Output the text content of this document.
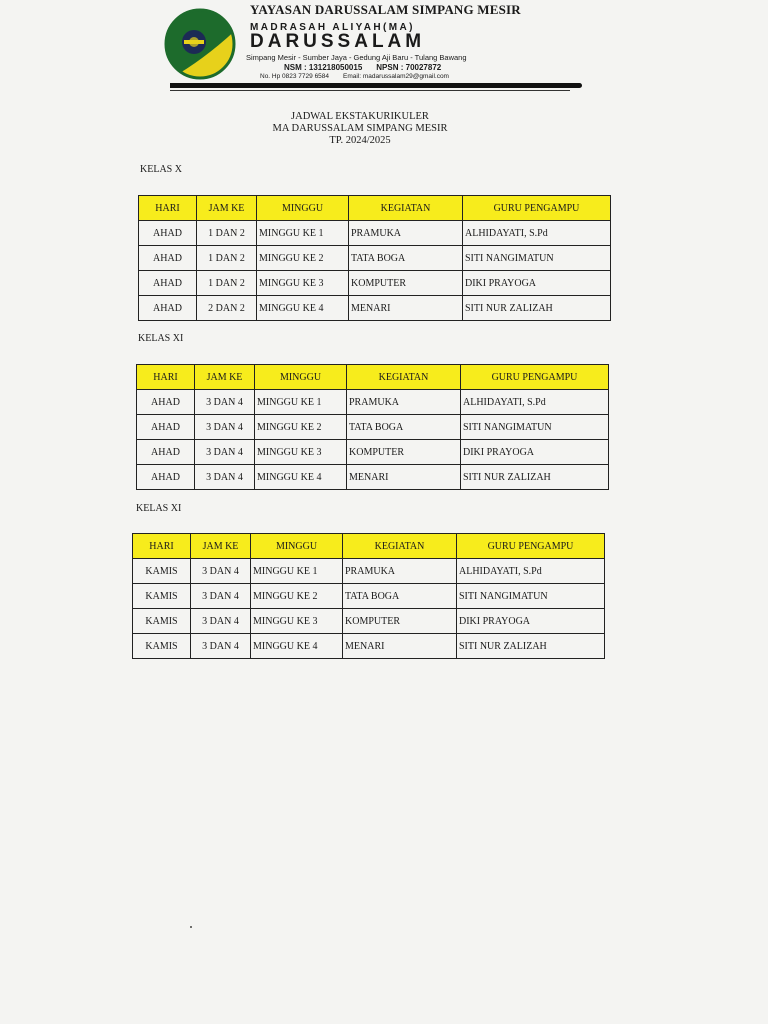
YAYASAN DARUSSALAM SIMPANG MESIR
MADRASAH ALIYAH(MA)
DARUSSALAM
Simpang Mesir - Sumber Jaya - Gedung Aji Baru - Tulang Bawang
NSM : 131218050015 NPSN : 70027872
No. Hp 0823 7729 6584 Email: madarussalam29@gmail.com
JADWAL EKSTAKURIKULER
MA DARUSSALAM SIMPANG MESIR
TP. 2024/2025
KELAS X
HARI	JAM KE	MINGGU	KEGIATAN	GURU PENGAMPU
AHAD	1 DAN 2	MINGGU KE 1	PRAMUKA	ALHIDAYATI, S.Pd
AHAD	1 DAN 2	MINGGU KE 2	TATA BOGA	SITI NANGIMATUN
AHAD	1 DAN 2	MINGGU KE 3	KOMPUTER	DIKI PRAYOGA
AHAD	2 DAN 2	MINGGU KE 4	MENARI	SITI NUR ZALIZAH
KELAS XI
HARI	JAM KE	MINGGU	KEGIATAN	GURU PENGAMPU
AHAD	3 DAN 4	MINGGU KE 1	PRAMUKA	ALHIDAYATI, S.Pd
AHAD	3 DAN 4	MINGGU KE 2	TATA BOGA	SITI NANGIMATUN
AHAD	3 DAN 4	MINGGU KE 3	KOMPUTER	DIKI PRAYOGA
AHAD	3 DAN 4	MINGGU KE 4	MENARI	SITI NUR ZALIZAH
KELAS XI
HARI	JAM KE	MINGGU	KEGIATAN	GURU PENGAMPU
KAMIS	3 DAN 4	MINGGU KE 1	PRAMUKA	ALHIDAYATI, S.Pd
KAMIS	3 DAN 4	MINGGU KE 2	TATA BOGA	SITI NANGIMATUN
KAMIS	3 DAN 4	MINGGU KE 3	KOMPUTER	DIKI PRAYOGA
KAMIS	3 DAN 4	MINGGU KE 4	MENARI	SITI NUR ZALIZAH
